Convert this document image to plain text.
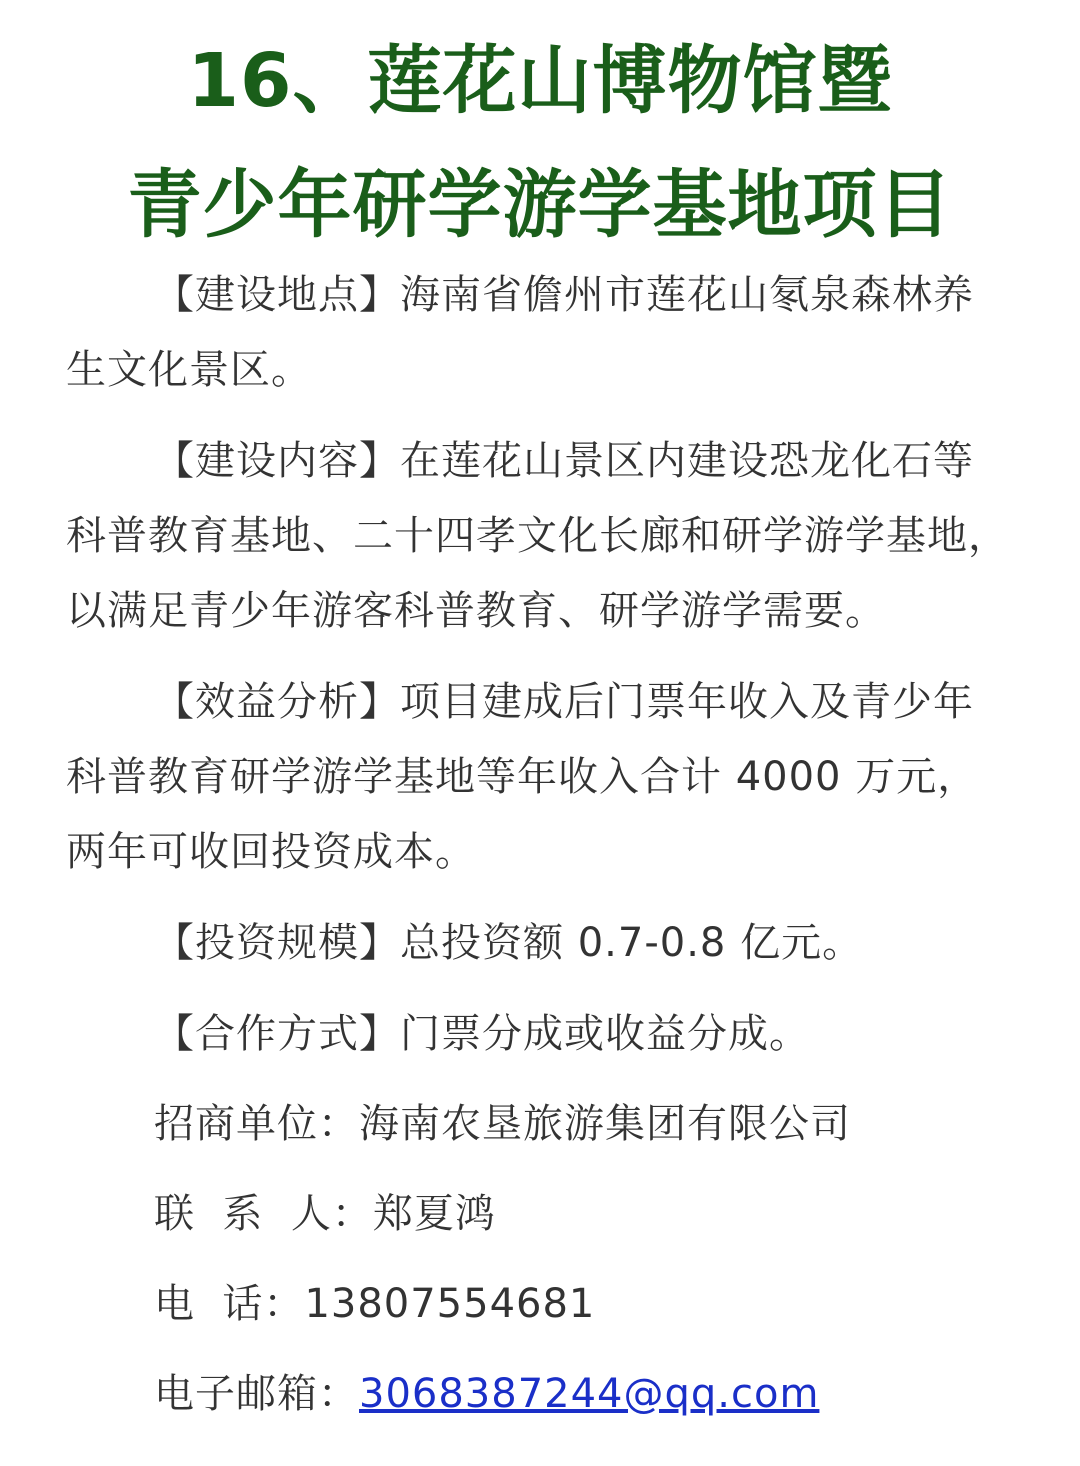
16、莲花山博物馆暨
青少年研学游学基地项目

【建设地点】海南省儋州市莲花山氡泉森林养生文化景区。

【建设内容】在莲花山景区内建设恐龙化石等科普教育基地、二十四孝文化长廊和研学游学基地，以满足青少年游客科普教育、研学游学需要。

【效益分析】项目建成后门票年收入及青少年科普教育研学游学基地等年收入合计 4000 万元，两年可收回投资成本。

【投资规模】总投资额 0.7-0.8 亿元。

【合作方式】门票分成或收益分成。

招商单位：海南农垦旅游集团有限公司

联  系  人：郑夏鸿

电  话：13807554681

电子邮箱：3068387244@qq.com
